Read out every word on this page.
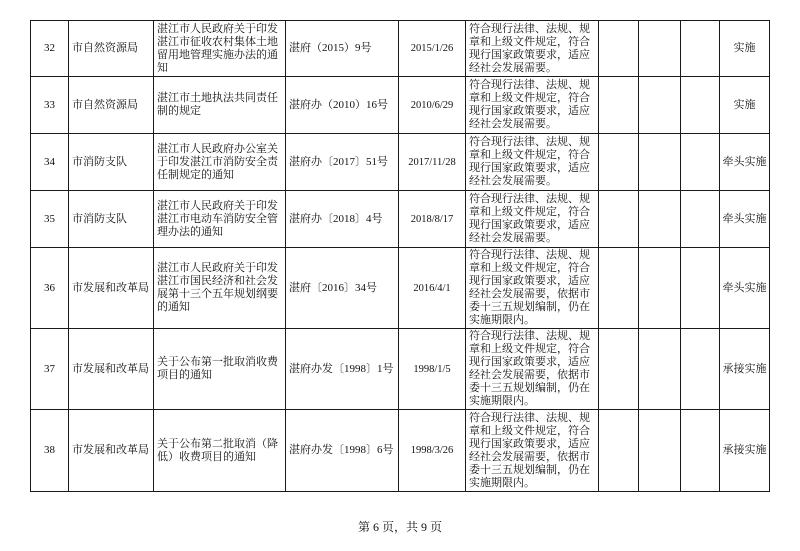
32	市自然资源局	湛江市人民政府关于印发湛江市征收农村集体土地留用地管理实施办法的通知	湛府（2015）9号	2015/1/26	符合现行法律、法规、规章和上级文件规定，符合现行国家政策要求，适应经社会发展需要。				实施
33	市自然资源局	湛江市土地执法共同责任制的规定	湛府办（2010）16号	2010/6/29	符合现行法律、法规、规章和上级文件规定，符合现行国家政策要求，适应经社会发展需要。				实施
34	市消防支队	湛江市人民政府办公室关于印发湛江市消防安全责任制规定的通知	湛府办〔2017〕51号	2017/11/28	符合现行法律、法规、规章和上级文件规定，符合现行国家政策要求，适应经社会发展需要。				牵头实施
35	市消防支队	湛江市人民政府关于印发湛江市电动车消防安全管理办法的通知	湛府办〔2018〕4号	2018/8/17	符合现行法律、法规、规章和上级文件规定，符合现行国家政策要求，适应经社会发展需要。				牵头实施
36	市发展和改革局	湛江市人民政府关于印发湛江市国民经济和社会发展第十三个五年规划纲要的通知	湛府〔2016〕34号	2016/4/1	符合现行法律、法规、规章和上级文件规定，符合现行国家政策要求，适应经社会发展需要，依据市委十三五规划编制，仍在实施期限内。				牵头实施
37	市发展和改革局	关于公布第一批取消收费项目的通知	湛府办发〔1998〕1号	1998/1/5	符合现行法律、法规、规章和上级文件规定，符合现行国家政策要求，适应经社会发展需要，依据市委十三五规划编制，仍在实施期限内。				承接实施
38	市发展和改革局	关于公布第二批取消（降低）收费项目的通知	湛府办发〔1998〕6号	1998/3/26	符合现行法律、法规、规章和上级文件规定，符合现行国家政策要求，适应经社会发展需要，依据市委十三五规划编制，仍在实施期限内。				承接实施
第 6 页，共 9 页
